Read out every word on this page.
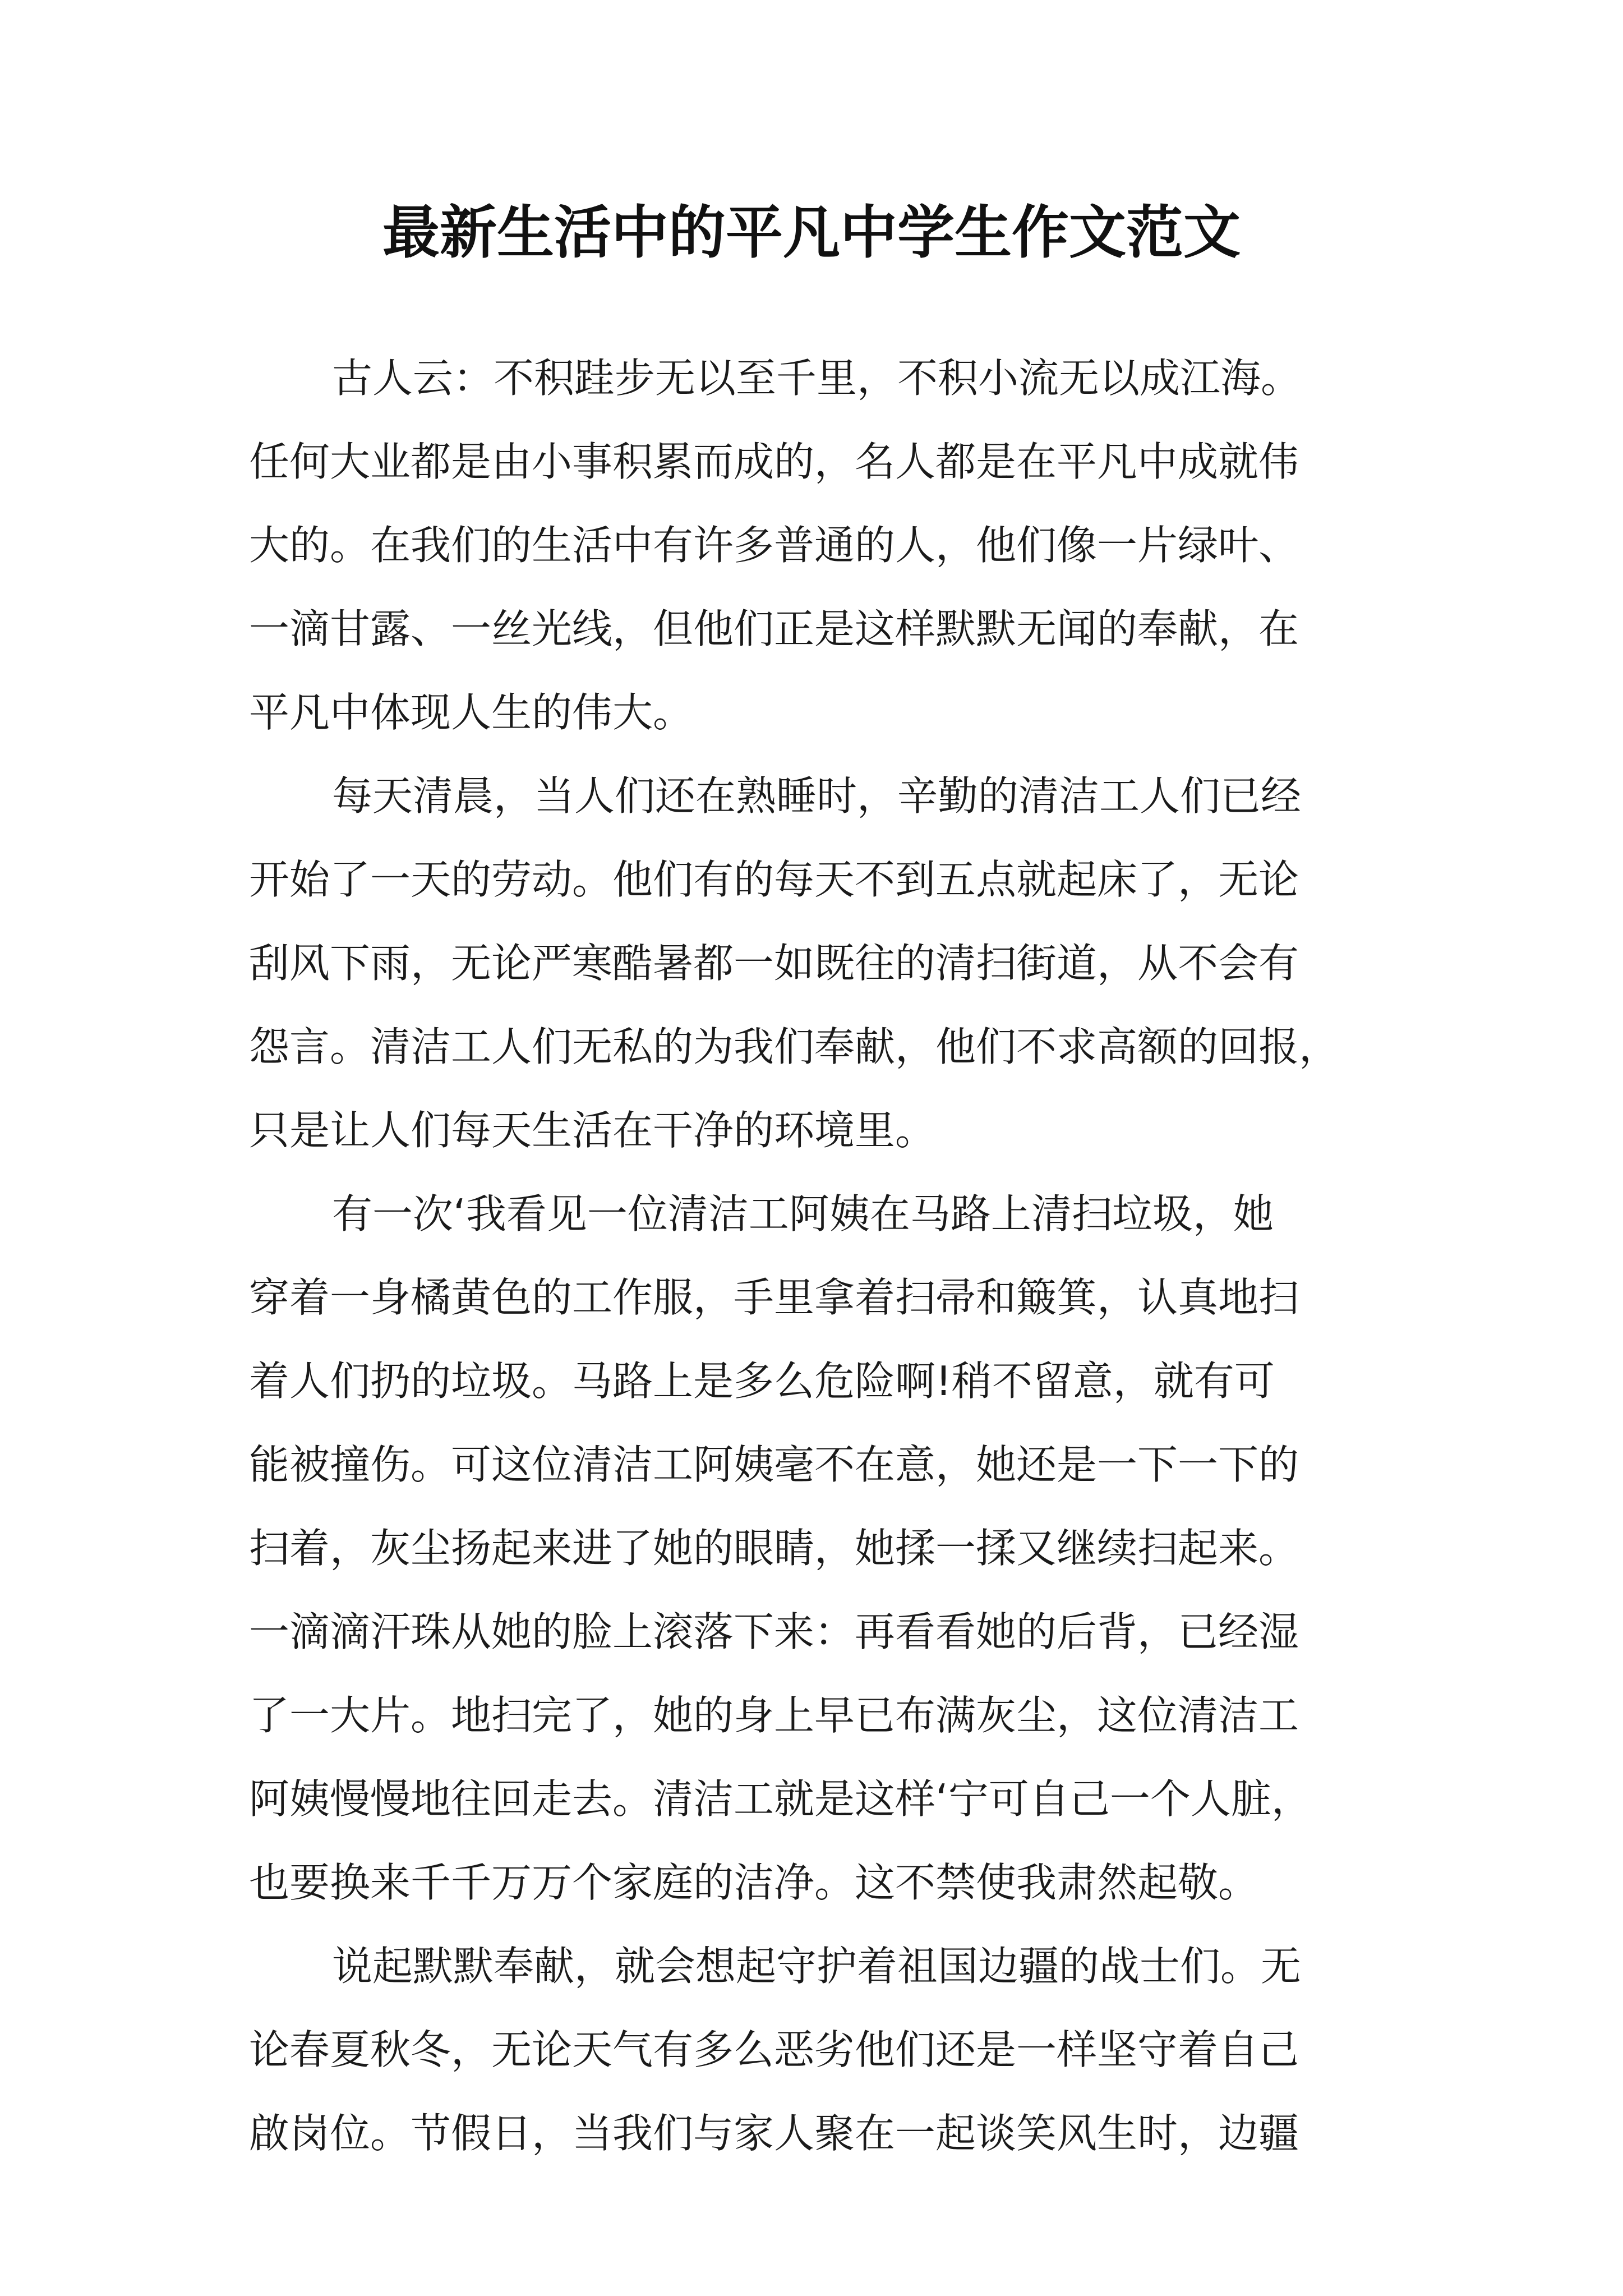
最新生活中的平凡中学生作文范文

古人云：不积跬步无以至千里，不积小流无以成江海。
任何大业都是由小事积累而成的，名人都是在平凡中成就伟
大的。在我们的生活中有许多普通的人，他们像一片绿叶、
一滴甘露、一丝光线，但他们正是这样默默无闻的奉献，在
平凡中体现人生的伟大。

每天清晨，当人们还在熟睡时，辛勤的清洁工人们已经
开始了一天的劳动。他们有的每天不到五点就起床了，无论
刮风下雨，无论严寒酷暑都一如既往的清扫街道，从不会有
怨言。清洁工人们无私的为我们奉献，他们不求高额的回报，
只是让人们每天生活在干净的环境里。

有一次‘我看见一位清洁工阿姨在马路上清扫垃圾，她
穿着一身橘黄色的工作服，手里拿着扫帚和簸箕，认真地扫
着人们扔的垃圾。马路上是多么危险啊!稍不留意，就有可
能被撞伤。可这位清洁工阿姨毫不在意，她还是一下一下的
扫着，灰尘扬起来进了她的眼睛，她揉一揉又继续扫起来。
一滴滴汗珠从她的脸上滚落下来：再看看她的后背，已经湿
了一大片。地扫完了，她的身上早已布满灰尘，这位清洁工
阿姨慢慢地往回走去。清洁工就是这样‘宁可自己一个人脏，
也要换来千千万万个家庭的洁净。这不禁使我肃然起敬。

说起默默奉献，就会想起守护着祖国边疆的战士们。无
论春夏秋冬，无论天气有多么恶劣他们还是一样坚守着自己
啟岗位。节假日，当我们与家人聚在一起谈笑风生时，边疆
